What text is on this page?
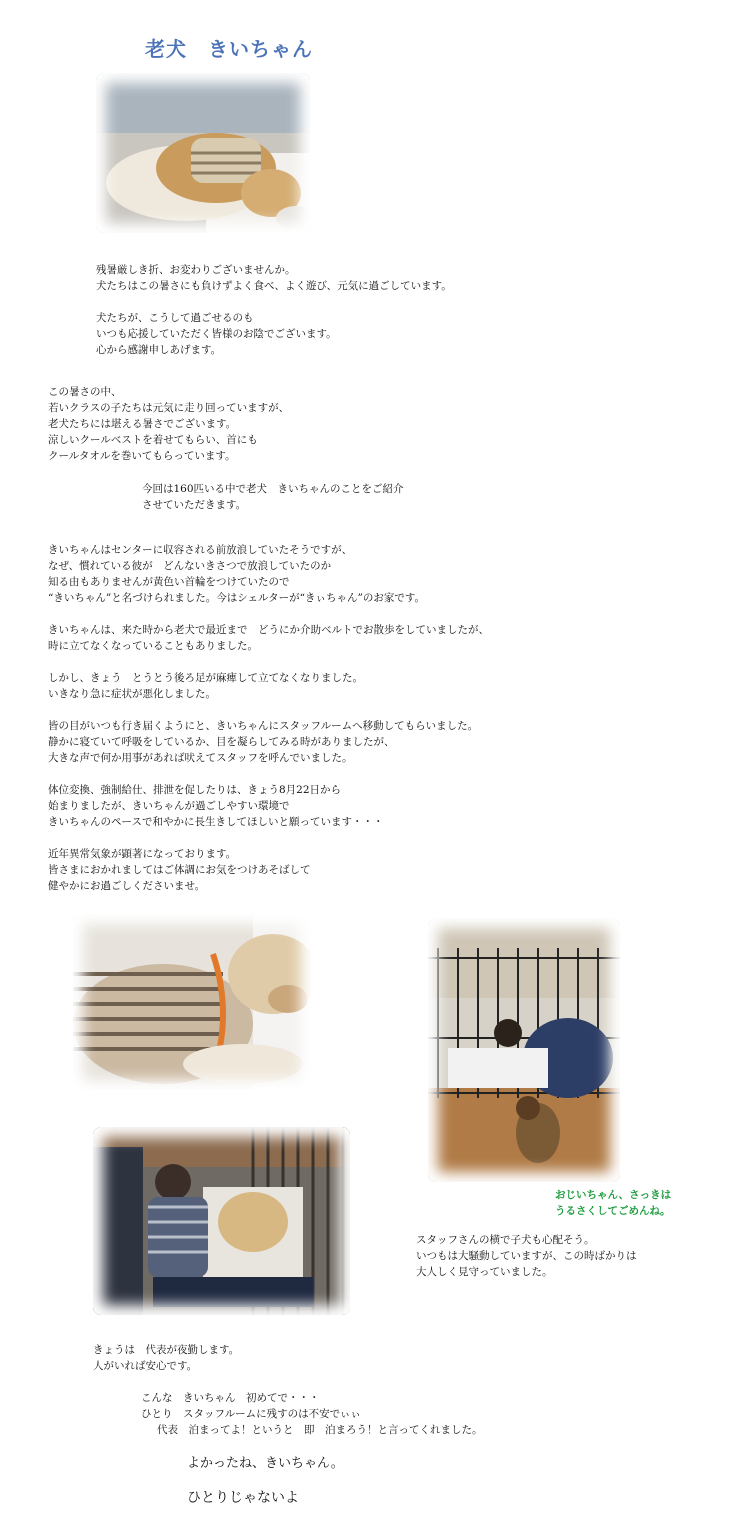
老犬　きいちゃん
残暑厳しき折、お変わりございませんか。
犬たちはこの暑さにも負けずよく食べ、よく遊び、元気に過ごしています。

犬たちが、こうして過ごせるのも
いつも応援していただく皆様のお陰でございます。
心から感謝申しあげます。
この暑さの中、
若いクラスの子たちは元気に走り回っていますが、
老犬たちには堪える暑さでございます。
涼しいクールベストを着せてもらい、首にも
クールタオルを巻いてもらっています。
今回は160匹いる中で老犬　きいちゃんのことをご紹介
させていただきます。
きいちゃんはセンターに収容される前放浪していたそうですが、
なぜ、慣れている彼が　どんないきさつで放浪していたのか
知る由もありませんが黄色い首輪をつけていたので
“きいちゃん”と名づけられました。今はシェルターが“きぃちゃん”のお家です。

きいちゃんは、来た時から老犬で最近まで　どうにか介助ベルトでお散歩をしていましたが、
時に立てなくなっていることもありました。

しかし、きょう　とうとう後ろ足が麻痺して立てなくなりました。
いきなり急に症状が悪化しました。

皆の目がいつも行き届くようにと、きいちゃんにスタッフルームへ移動してもらいました。
静かに寝ていて呼吸をしているか、目を凝らしてみる時がありましたが、
大きな声で何か用事があれば吠えてスタッフを呼んでいました。

体位変換、強制給仕、排泄を促したりは、きょう8月22日から
始まりましたが、きいちゃんが過ごしやすい環境で
きいちゃんのペースで和やかに長生きしてほしいと願っています・・・

近年異常気象が顕著になっております。
皆さまにおかれましてはご体調にお気をつけあそばして
健やかにお過ごしくださいませ。
おじいちゃん、さっきは
うるさくしてごめんね。
スタッフさんの横で子犬も心配そう。
いつもは大騒動していますが、この時ばかりは
大人しく見守っていました。
きょうは　代表が夜勤します。
人がいれば安心です。
こんな　きいちゃん　初めてで・・・
ひとり　スタッフルームに残すのは不安でぃぃ
代表　泊まってよ！というと　即　泊まろう！と言ってくれました。
よかったね、きいちゃん。
ひとりじゃないよ
